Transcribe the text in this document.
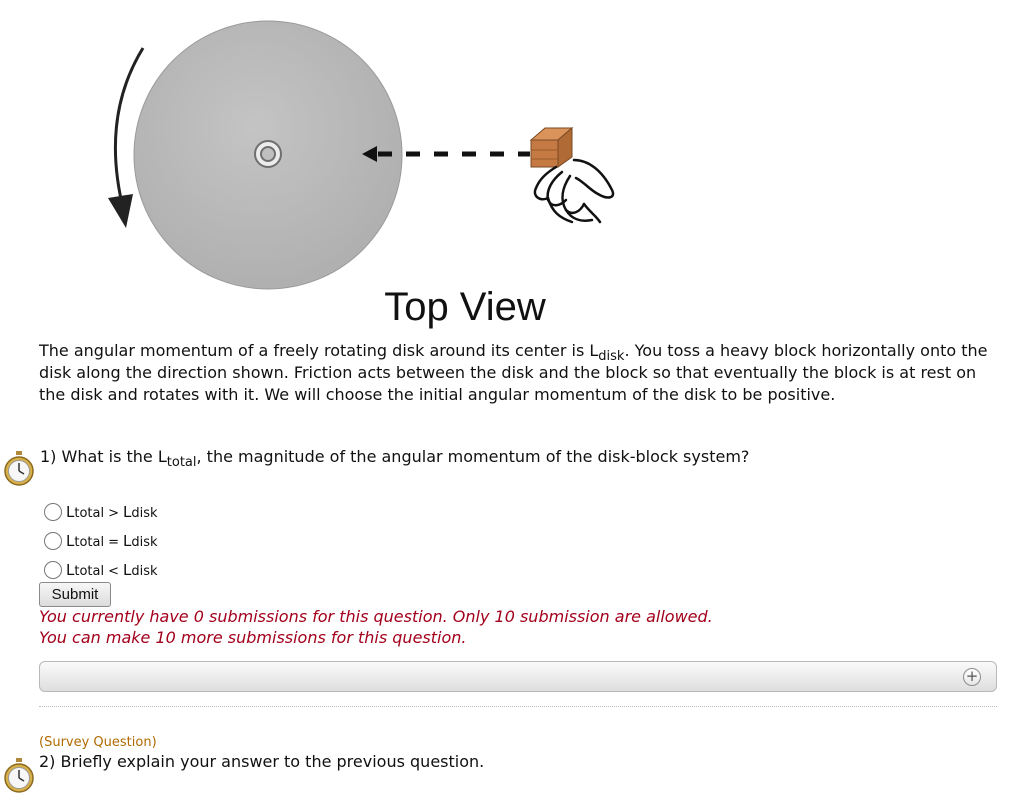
Top View

The angular momentum of a freely rotating disk around its center is $L_{disk}$. You toss a heavy block horizontally onto the disk along the direction shown. Friction acts between the disk and the block so that eventually the block is at rest on the disk and rotates with it. We will choose the initial angular momentum of the disk to be positive.

1) What is the $L_{total}$, the magnitude of the angular momentum of the disk-block system?

L total > L disk
L total = L disk
L total < L disk
Submit
You currently have 0 submissions for this question. Only 10 submission are allowed.
You can make 10 more submissions for this question.
+
(Survey Question)

2) Briefly explain your answer to the previous question.
